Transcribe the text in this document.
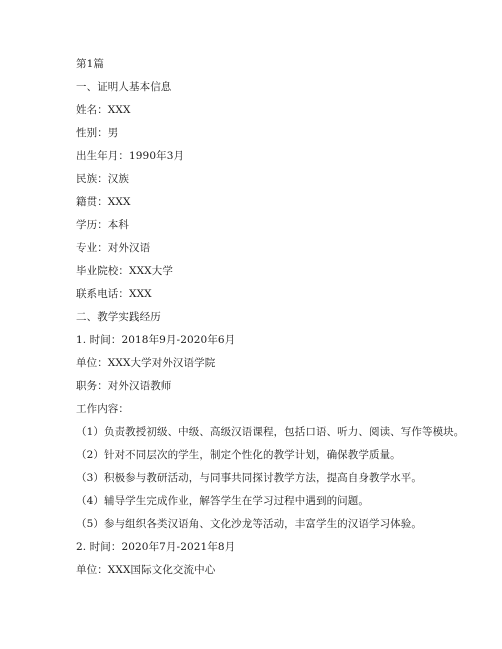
第1篇
一、证明人基本信息
姓名：XXX
性别：男
出生年月：1990年3月
民族：汉族
籍贯：XXX
学历：本科
专业：对外汉语
毕业院校：XXX大学
联系电话：XXX
二、教学实践经历
1. 时间：2018年9月-2020年6月
单位：XXX大学对外汉语学院
职务：对外汉语教师
工作内容：
（1）负责教授初级、中级、高级汉语课程，包括口语、听力、阅读、写作等模块。
（2）针对不同层次的学生，制定个性化的教学计划，确保教学质量。
（3）积极参与教研活动，与同事共同探讨教学方法，提高自身教学水平。
（4）辅导学生完成作业，解答学生在学习过程中遇到的问题。
（5）参与组织各类汉语角、文化沙龙等活动，丰富学生的汉语学习体验。
2. 时间：2020年7月-2021年8月
单位：XXX国际文化交流中心
